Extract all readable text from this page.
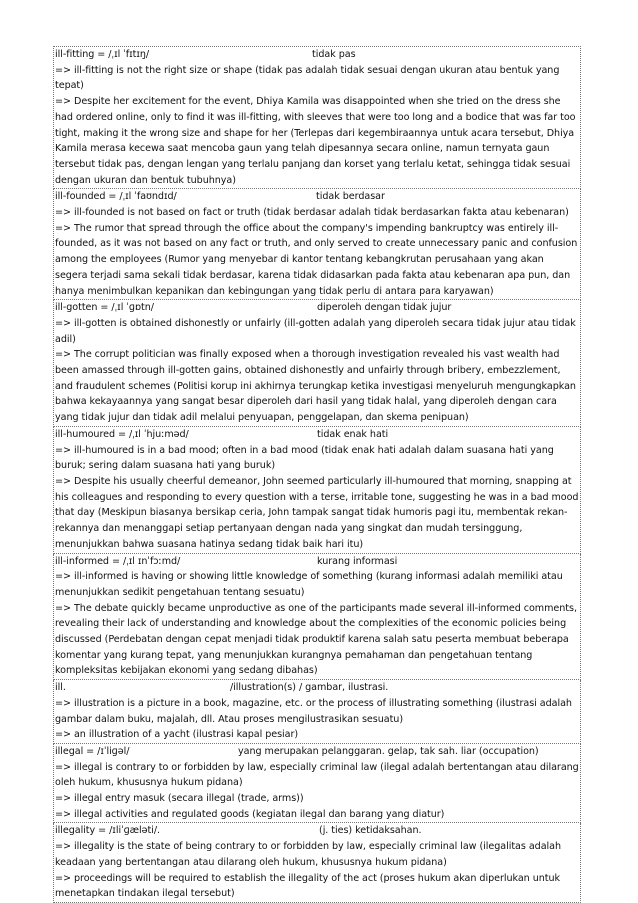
ill-fitting = /ˌɪl ˈfɪtɪŋ/	tidak pas
=> ill-fitting is not the right size or shape (tidak pas adalah tidak sesuai dengan ukuran atau bentuk yang tepat)
=> Despite her excitement for the event, Dhiya Kamila was disappointed when she tried on the dress she had ordered online, only to find it was ill-fitting, with sleeves that were too long and a bodice that was far too tight, making it the wrong size and shape for her (Terlepas dari kegembiraannya untuk acara tersebut, Dhiya Kamila merasa kecewa saat mencoba gaun yang telah dipesannya secara online, namun ternyata gaun tersebut tidak pas, dengan lengan yang terlalu panjang dan korset yang terlalu ketat, sehingga tidak sesuai dengan ukuran dan bentuk tubuhnya)
ill-founded = /ˌɪl ˈfaʊndɪd/	tidak berdasar
=> ill-founded is not based on fact or truth (tidak berdasar adalah tidak berdasarkan fakta atau kebenaran)
=> The rumor that spread through the office about the company's impending bankruptcy was entirely ill-founded, as it was not based on any fact or truth, and only served to create unnecessary panic and confusion among the employees (Rumor yang menyebar di kantor tentang kebangkrutan perusahaan yang akan segera terjadi sama sekali tidak berdasar, karena tidak didasarkan pada fakta atau kebenaran apa pun, dan hanya menimbulkan kepanikan dan kebingungan yang tidak perlu di antara para karyawan)
ill-gotten = /ˌɪl ˈɡɒtn/	diperoleh dengan tidak jujur
=> ill-gotten is obtained dishonestly or unfairly (ill-gotten adalah yang diperoleh secara tidak jujur atau tidak adil)
=> The corrupt politician was finally exposed when a thorough investigation revealed his vast wealth had been amassed through ill-gotten gains, obtained dishonestly and unfairly through bribery, embezzlement, and fraudulent schemes (Politisi korup ini akhirnya terungkap ketika investigasi menyeluruh mengungkapkan bahwa kekayaannya yang sangat besar diperoleh dari hasil yang tidak halal, yang diperoleh dengan cara yang tidak jujur dan tidak adil melalui penyuapan, penggelapan, dan skema penipuan)
ill-humoured = /ˌɪl ˈhjuːməd/	tidak enak hati
=> ill-humoured is in a bad mood; often in a bad mood (tidak enak hati adalah dalam suasana hati yang buruk; sering dalam suasana hati yang buruk)
=> Despite his usually cheerful demeanor, John seemed particularly ill-humoured that morning, snapping at his colleagues and responding to every question with a terse, irritable tone, suggesting he was in a bad mood that day (Meskipun biasanya bersikap ceria, John tampak sangat tidak humoris pagi itu, membentak rekan-rekannya dan menanggapi setiap pertanyaan dengan nada yang singkat dan mudah tersinggung, menunjukkan bahwa suasana hatinya sedang tidak baik hari itu)
ill-informed = /ˌɪl ɪnˈfɔːmd/	kurang informasi
=> ill-informed is having or showing little knowledge of something (kurang informasi adalah memiliki atau menunjukkan sedikit pengetahuan tentang sesuatu)
=> The debate quickly became unproductive as one of the participants made several ill-informed comments, revealing their lack of understanding and knowledge about the complexities of the economic policies being discussed (Perdebatan dengan cepat menjadi tidak produktif karena salah satu peserta membuat beberapa komentar yang kurang tepat, yang menunjukkan kurangnya pemahaman dan pengetahuan tentang kompleksitas kebijakan ekonomi yang sedang dibahas)
ill.	/illustration(s) / gambar, ilustrasi.
=> illustration is a picture in a book, magazine, etc. or the process of illustrating something (ilustrasi adalah gambar dalam buku, majalah, dll. Atau proses mengilustrasikan sesuatu)
=> an illustration of a yacht (ilustrasi kapal pesiar)
illegal = /ɪˈliɡəl/	yang merupakan pelanggaran. gelap, tak sah. liar (occupation)
=> illegal is contrary to or forbidden by law, especially criminal law (ilegal adalah bertentangan atau dilarang oleh hukum, khususnya hukum pidana)
=> illegal entry masuk (secara illegal (trade, arms))
=> illegal activities and regulated goods (kegiatan ilegal dan barang yang diatur)
illegality = /ɪliˈɡæləti/.	(j. ties) ketidaksahan.
=> illegality is the state of being contrary to or forbidden by law, especially criminal law (ilegalitas adalah keadaan yang bertentangan atau dilarang oleh hukum, khususnya hukum pidana)
=> proceedings will be required to establish the illegality of the act (proses hukum akan diperlukan untuk menetapkan tindakan ilegal tersebut)
